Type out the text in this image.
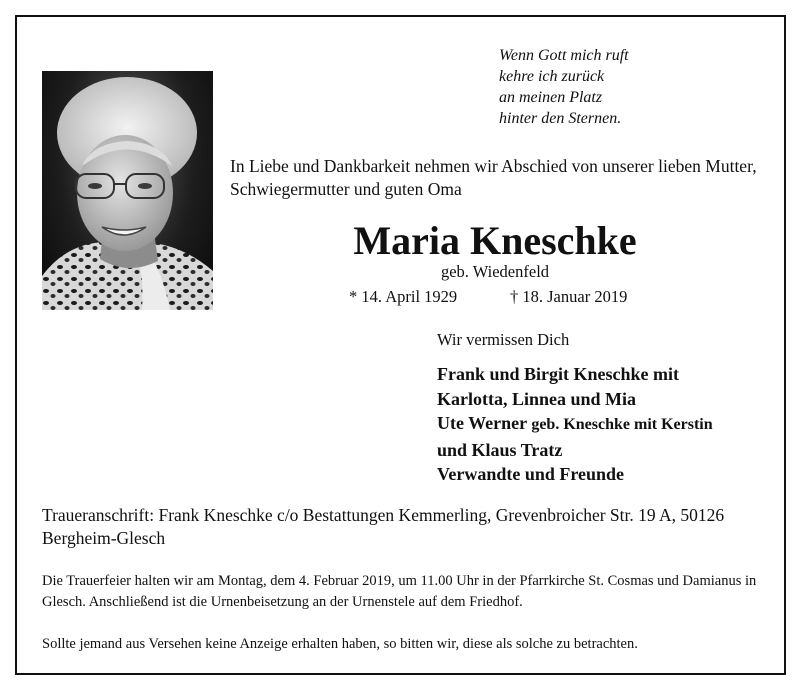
Wenn Gott mich ruft
kehre ich zurück
an meinen Platz
hinter den Sternen.
In Liebe und Dankbarkeit nehmen wir Abschied von unserer lieben Mutter, Schwiegermutter und guten Oma
Maria Kneschke
geb. Wiedenfeld
* 14. April 1929	† 18. Januar 2019
Wir vermissen Dich
Frank und Birgit Kneschke mit
Karlotta, Linnea und Mia
Ute Werner geb. Kneschke mit Kerstin
und Klaus Tratz
Verwandte und Freunde
Traueranschrift: Frank Kneschke c/o Bestattungen Kemmerling, Grevenbroicher Str. 19 A, 50126 Bergheim-Glesch
Die Trauerfeier halten wir am Montag, dem 4. Februar 2019, um 11.00 Uhr in der Pfarrkirche St. Cosmas und Damianus in Glesch. Anschließend ist die Urnenbeisetzung an der Urnenstele auf dem Friedhof.
Sollte jemand aus Versehen keine Anzeige erhalten haben, so bitten wir, diese als solche zu betrachten.
